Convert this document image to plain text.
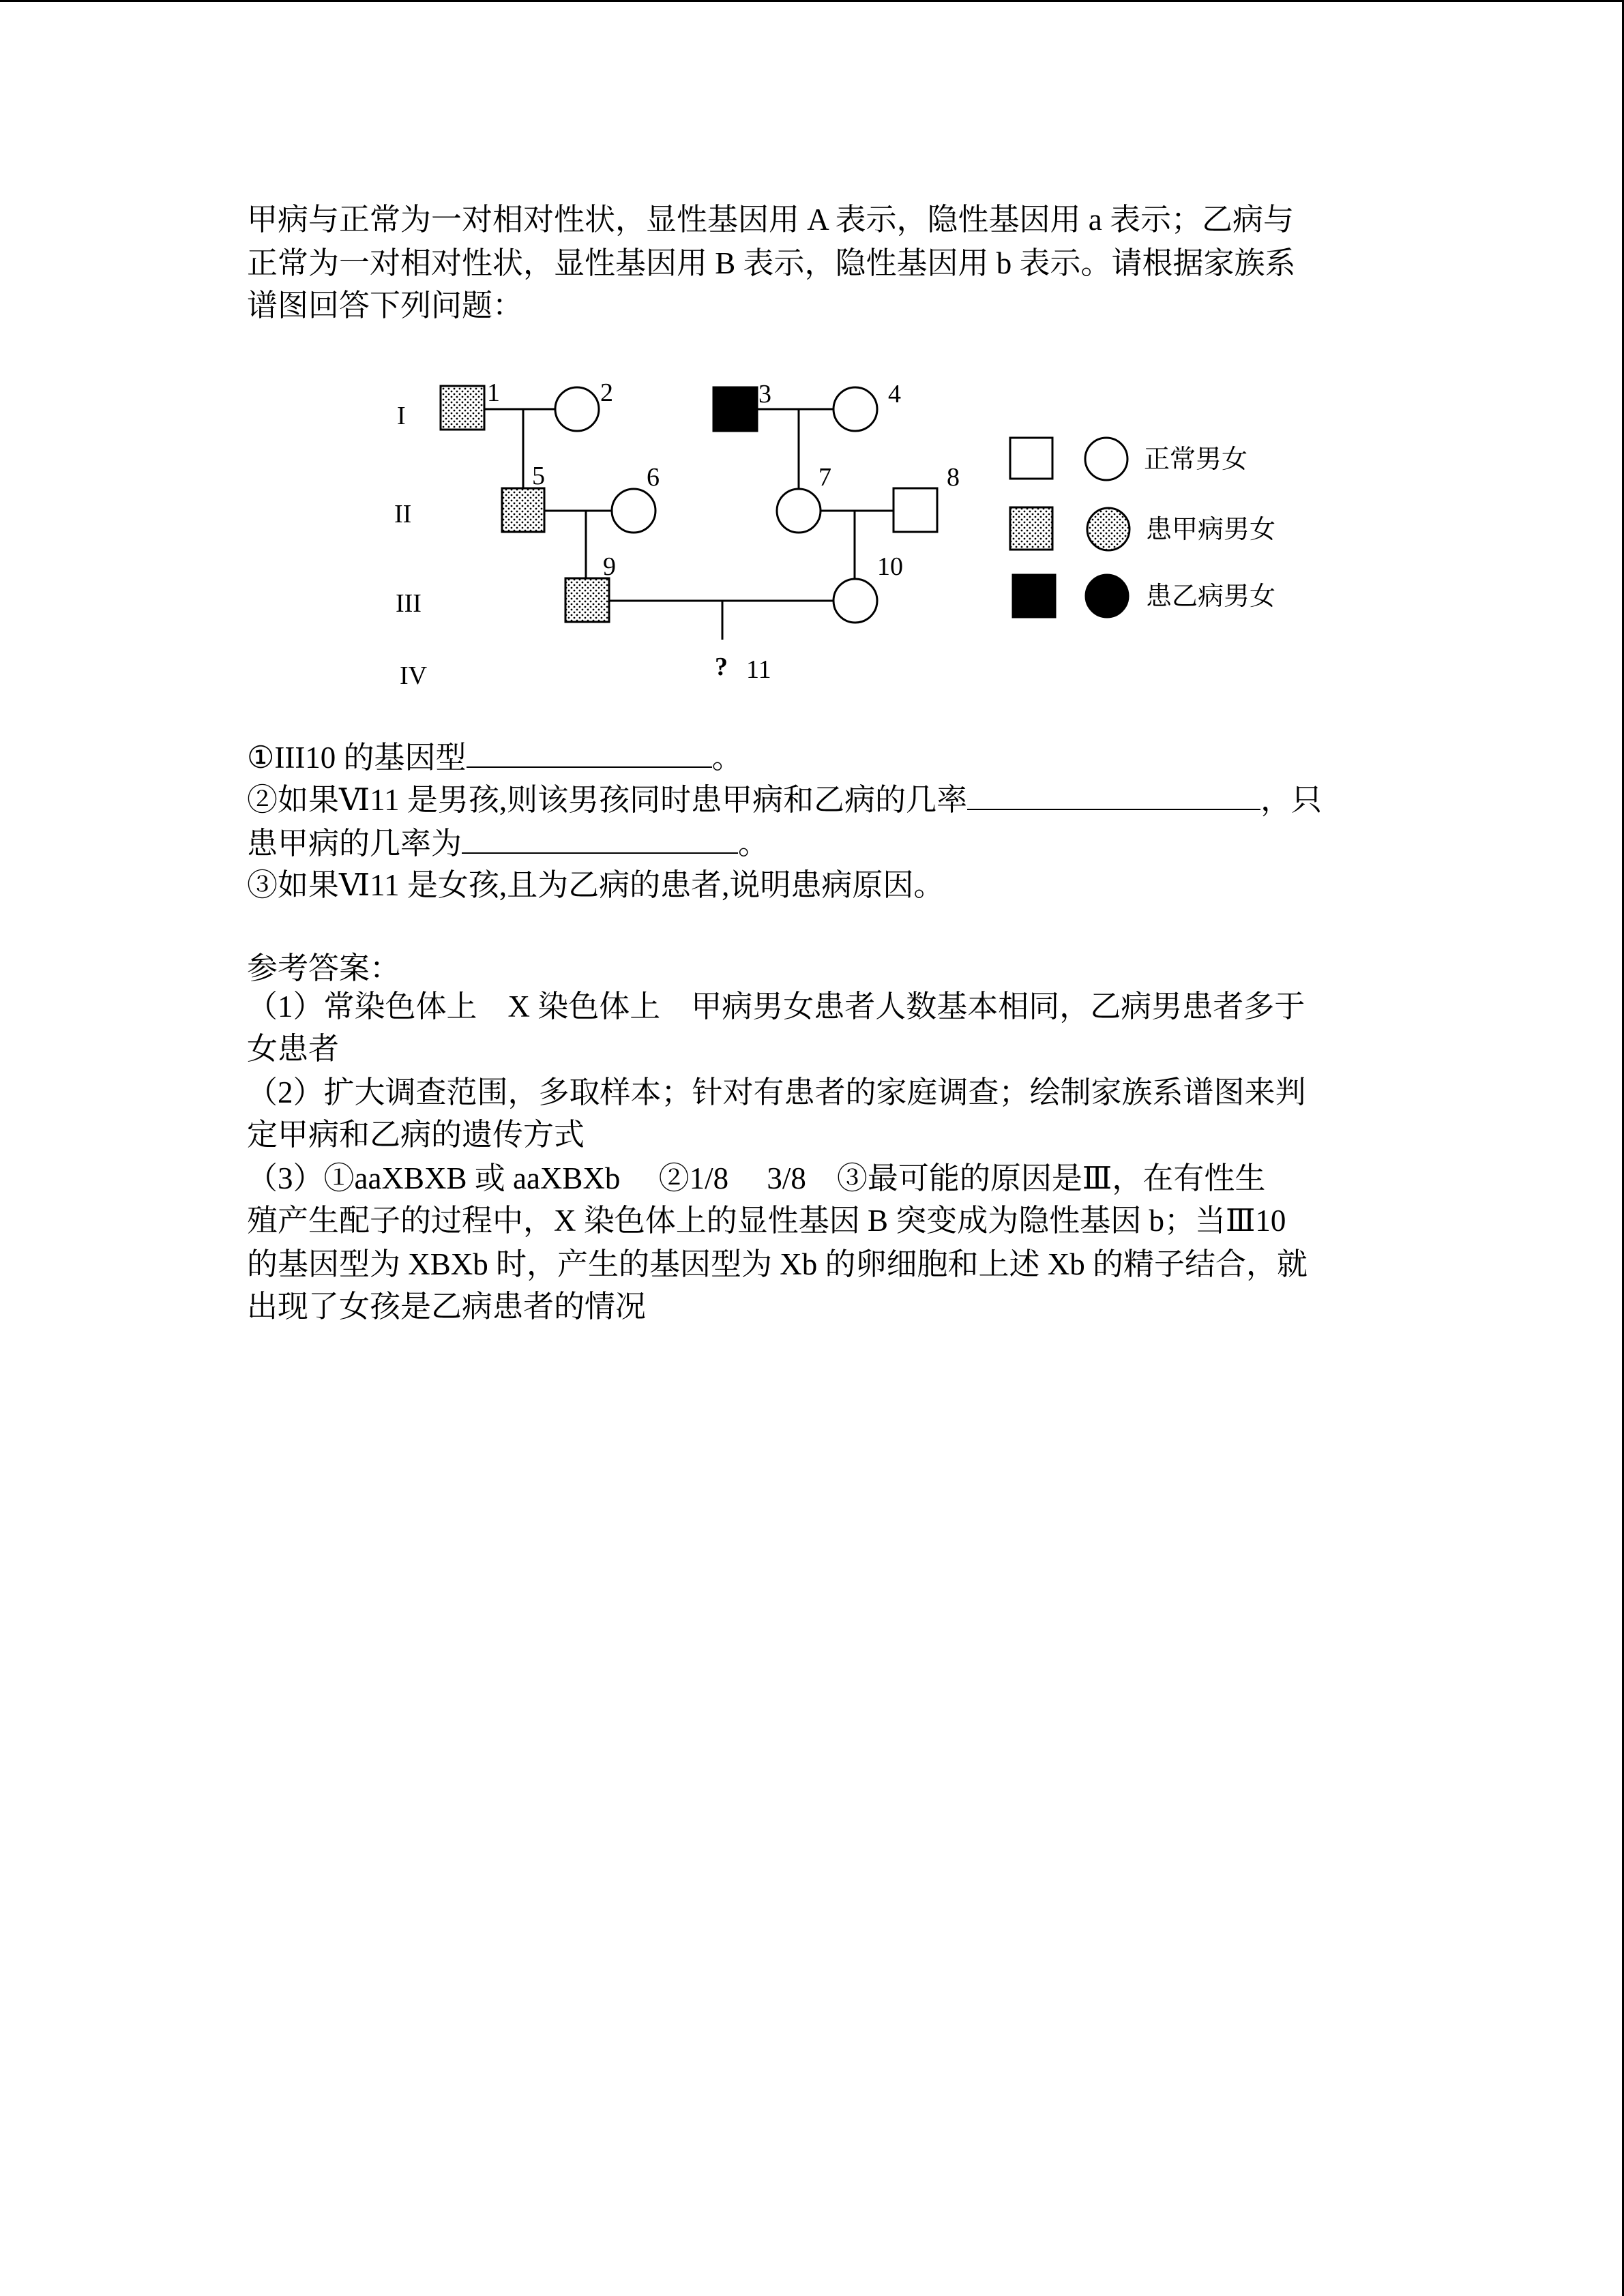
甲病与正常为一对相对性状，显性基因用 A 表示，隐性基因用 a 表示；乙病与
正常为一对相对性状，显性基因用 B 表示，隐性基因用 b 表示。请根据家族系
谱图回答下列问题：
I
II
III
IV
1	2	3	4
5	6	7	8
9	10
? 11
正常男女
患甲病男女
患乙病男女
①III10 的基因型	。
②如果Ⅵ11 是男孩,则该男孩同时患甲病和乙病的几率	，只
患甲病的几率为	。
③如果Ⅵ11 是女孩,且为乙病的患者,说明患病原因。
参考答案：
（1）常染色体上　X 染色体上　甲病男女患者人数基本相同，乙病男患者多于
女患者
（2）扩大调查范围，多取样本；针对有患者的家庭调查；绘制家族系谱图来判
定甲病和乙病的遗传方式
（3）①aaXBXB 或 aaXBXb　 ②1/8　 3/8　③最可能的原因是Ⅲ，在有性生
殖产生配子的过程中，X 染色体上的显性基因 B 突变成为隐性基因 b；当Ⅲ10
的基因型为 XBXb 时，产生的基因型为 Xb 的卵细胞和上述 Xb 的精子结合，就
出现了女孩是乙病患者的情况
